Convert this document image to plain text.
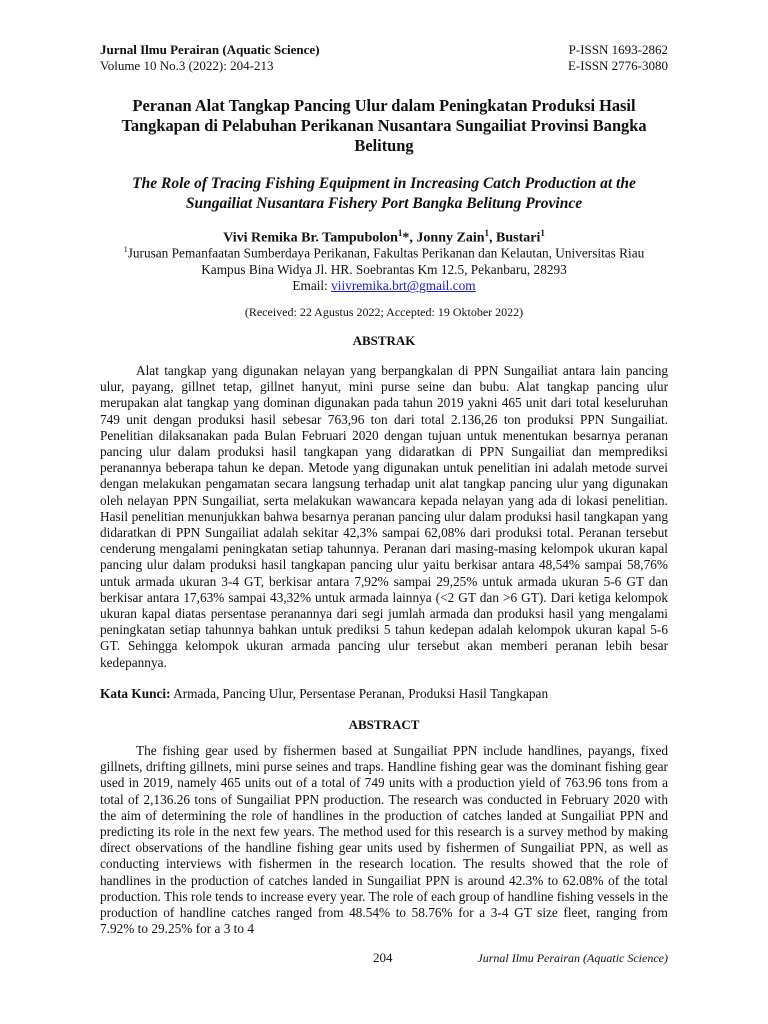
Jurnal Ilmu Perairan (Aquatic Science)
Volume 10 No.3 (2022): 204-213
P-ISSN 1693-2862
E-ISSN 2776-3080
Peranan Alat Tangkap Pancing Ulur dalam Peningkatan Produksi Hasil Tangkapan di Pelabuhan Perikanan Nusantara Sungailiat Provinsi Bangka Belitung
The Role of Tracing Fishing Equipment in Increasing Catch Production at the Sungailiat Nusantara Fishery Port Bangka Belitung Province
Vivi Remika Br. Tampubolon$^1$*, Jonny Zain$^1$, Bustari$^1$
$^1$Jurusan Pemanfaatan Sumberdaya Perikanan, Fakultas Perikanan dan Kelautan, Universitas Riau
Kampus Bina Widya Jl. HR. Soebrantas Km 12.5, Pekanbaru, 28293
Email: viivremika.brt@gmail.com
(Received: 22 Agustus 2022; Accepted: 19 Oktober 2022)
ABSTRAK

Alat tangkap yang digunakan nelayan yang berpangkalan di PPN Sungailiat antara lain pancing ulur, payang, gillnet tetap, gillnet hanyut, mini purse seine dan bubu. Alat tangkap pancing ulur merupakan alat tangkap yang dominan digunakan pada tahun 2019 yakni 465 unit dari total keseluruhan 749 unit dengan produksi hasil sebesar 763,96 ton dari total 2.136,26 ton produksi PPN Sungailiat. Penelitian dilaksanakan pada Bulan Februari 2020 dengan tujuan untuk menentukan besarnya peranan pancing ulur dalam produksi hasil tangkapan yang didaratkan di PPN Sungailiat dan memprediksi peranannya beberapa tahun ke depan. Metode yang digunakan untuk penelitian ini adalah metode survei dengan melakukan pengamatan secara langsung terhadap unit alat tangkap pancing ulur yang digunakan oleh nelayan PPN Sungailiat, serta melakukan wawancara kepada nelayan yang ada di lokasi penelitian. Hasil penelitian menunjukkan bahwa besarnya peranan pancing ulur dalam produksi hasil tangkapan yang didaratkan di PPN Sungailiat adalah sekitar 42,3% sampai 62,08% dari produksi total. Peranan tersebut cenderung mengalami peningkatan setiap tahunnya. Peranan dari masing-masing kelompok ukuran kapal pancing ulur dalam produksi hasil tangkapan pancing ulur yaitu berkisar antara 48,54% sampai 58,76% untuk armada ukuran 3-4 GT, berkisar antara 7,92% sampai 29,25% untuk armada ukuran 5-6 GT dan berkisar antara 17,63% sampai 43,32% untuk armada lainnya (<2 GT dan >6 GT). Dari ketiga kelompok ukuran kapal diatas persentase peranannya dari segi jumlah armada dan produksi hasil yang mengalami peningkatan setiap tahunnya bahkan untuk prediksi 5 tahun kedepan adalah kelompok ukuran kapal 5-6 GT. Sehingga kelompok ukuran armada pancing ulur tersebut akan memberi peranan lebih besar kedepannya.

Kata Kunci: Armada, Pancing Ulur, Persentase Peranan, Produksi Hasil Tangkapan
ABSTRACT

The fishing gear used by fishermen based at Sungailiat PPN include handlines, payangs, fixed gillnets, drifting gillnets, mini purse seines and traps. Handline fishing gear was the dominant fishing gear used in 2019, namely 465 units out of a total of 749 units with a production yield of 763.96 tons from a total of 2,136.26 tons of Sungailiat PPN production. The research was conducted in February 2020 with the aim of determining the role of handlines in the production of catches landed at Sungailiat PPN and predicting its role in the next few years. The method used for this research is a survey method by making direct observations of the handline fishing gear units used by fishermen of Sungailiat PPN, as well as conducting interviews with fishermen in the research location. The results showed that the role of handlines in the production of catches landed in Sungailiat PPN is around 42.3% to 62.08% of the total production. This role tends to increase every year. The role of each group of handline fishing vessels in the production of handline catches ranged from 48.54% to 58.76% for a 3-4 GT size fleet, ranging from 7.92% to 29.25% for a 3 to 4

204	Jurnal Ilmu Perairan (Aquatic Science)
